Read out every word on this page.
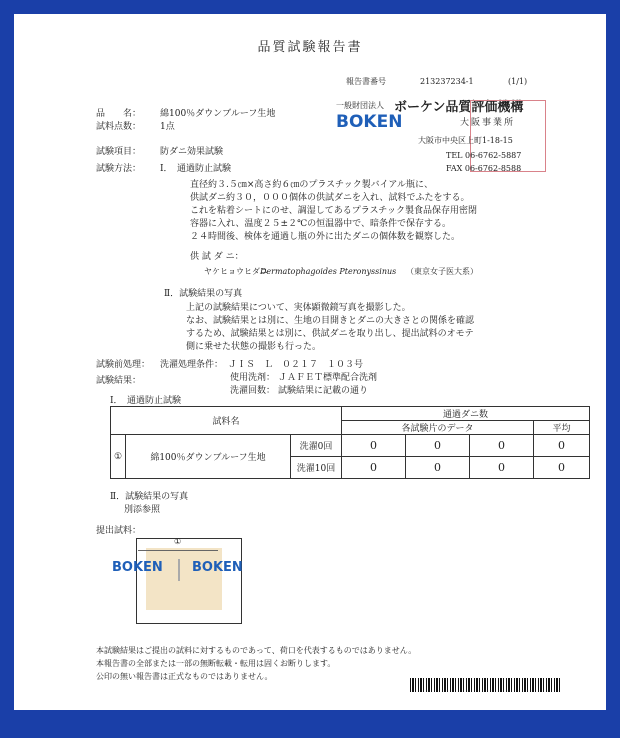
品質試験報告書
報告書番号	213237234-1	(1/1)
一般財団法人 ボーケン品質評価機構
BOKEN	大阪事業所
大阪市中央区上町1-18-15
TEL 06-6762-5887
FAX 06-6762-8588
品　　名： 綿100％ダウンブルーフ生地
試料点数： 1点
試験項目： 防ダニ効果試験
試験方法： Ⅰ．　通過防止試験
直径約３.５㎝×高さ約６㎝のプラスチック製バイアル瓶に、
供試ダニ約３０，０００個体の供試ダニを入れ、試料でふたをする。
これを粘着シートにのせ、調湿してあるプラスチック製食品保存用密閉
容器に入れ、温度２５±２℃の恒温器中で、暗条件で保存する。
２４時間後、検体を通過し瓶の外に出たダニの個体数を観察した。
供 試 ダ ニ：
ヤケヒョウヒダニ
Dermatophagoides Pteronyssinus （東京女子医大系）
Ⅱ．試験結果の写真
上記の試験結果について、実体顕微鏡写真を撮影した。
なお、試験結果とは別に、生地の目開きとダニの大きさとの関係を確認
するため、試験結果とは別に、供試ダニを取り出し、提出試料のオモテ
側に乗せた状態の撮影も行った。
試験前処理： 洗濯処理条件： ＪＩＳ　Ｌ　０２１７　１０３号
使用洗剤： ＪＡＦＥＴ標準配合洗剤
洗濯回数： 試験結果に記載の通り
試験結果：
Ⅰ．　通過防止試験
試料名			通過ダニ数			
			各試験片のデータ			平均
①	綿100％ダウンブルーフ生地	洗濯0回	0	0	0	0
		洗濯10回	0	0	0	0
Ⅱ．試験結果の写真
別添参照
提出試料：
①
BOKEN BOKEN
本試験結果はご提出の試料に対するものであって、荷口を代表するものではありません。
本報告書の全部または一部の無断転載・転用は固くお断りします。
公印の無い報告書は正式なものではありません。
